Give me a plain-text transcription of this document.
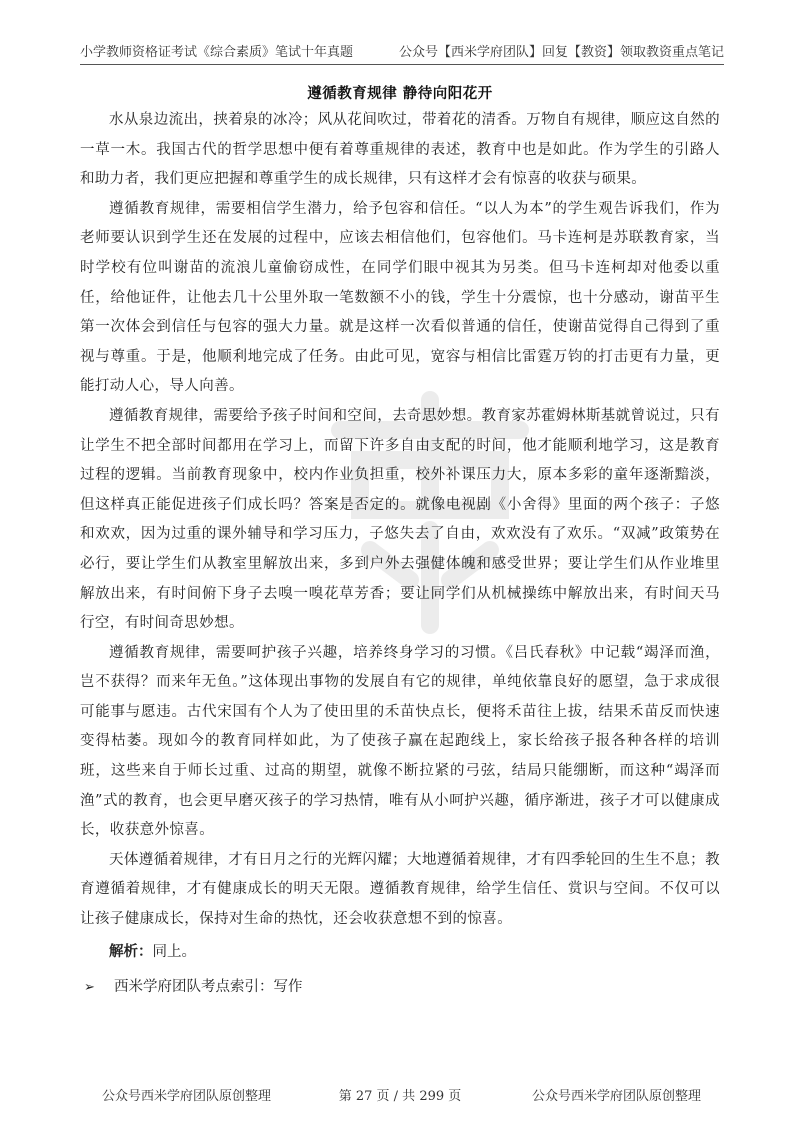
小学教师资格证考试《综合素质》笔试十年真题	公众号【西米学府团队】回复【教资】领取教资重点笔记
遵循教育规律 静待向阳花开

水从泉边流出，挟着泉的冰冷；风从花间吹过，带着花的清香。万物自有规律，顺应这自然的一草一木。我国古代的哲学思想中便有着尊重规律的表述，教育中也是如此。作为学生的引路人和助力者，我们更应把握和尊重学生的成长规律，只有这样才会有惊喜的收获与硕果。

遵循教育规律，需要相信学生潜力，给予包容和信任。“以人为本”的学生观告诉我们，作为老师要认识到学生还在发展的过程中，应该去相信他们，包容他们。马卡连柯是苏联教育家，当时学校有位叫谢苗的流浪儿童偷窃成性，在同学们眼中视其为另类。但马卡连柯却对他委以重任，给他证件，让他去几十公里外取一笔数额不小的钱，学生十分震惊，也十分感动，谢苗平生第一次体会到信任与包容的强大力量。就是这样一次看似普通的信任，使谢苗觉得自己得到了重视与尊重。于是，他顺利地完成了任务。由此可见，宽容与相信比雷霆万钧的打击更有力量，更能打动人心，导人向善。

遵循教育规律，需要给予孩子时间和空间，去奇思妙想。教育家苏霍姆林斯基就曾说过，只有让学生不把全部时间都用在学习上，而留下许多自由支配的时间，他才能顺利地学习，这是教育过程的逻辑。当前教育现象中，校内作业负担重，校外补课压力大，原本多彩的童年逐渐黯淡，但这样真正能促进孩子们成长吗？答案是否定的。就像电视剧《小舍得》里面的两个孩子：子悠和欢欢，因为过重的课外辅导和学习压力，子悠失去了自由，欢欢没有了欢乐。“双减”政策势在必行，要让学生们从教室里解放出来，多到户外去强健体魄和感受世界；要让学生们从作业堆里解放出来，有时间俯下身子去嗅一嗅花草芳香；要让同学们从机械操练中解放出来，有时间天马行空，有时间奇思妙想。

遵循教育规律，需要呵护孩子兴趣，培养终身学习的习惯。《吕氏春秋》中记载“竭泽而渔，岂不获得？而来年无鱼。”这体现出事物的发展自有它的规律，单纯依靠良好的愿望，急于求成很可能事与愿违。古代宋国有个人为了使田里的禾苗快点长，便将禾苗往上拔，结果禾苗反而快速变得枯萎。现如今的教育同样如此，为了使孩子赢在起跑线上，家长给孩子报各种各样的培训班，这些来自于师长过重、过高的期望，就像不断拉紧的弓弦，结局只能绷断，而这种“竭泽而渔”式的教育，也会更早磨灭孩子的学习热情，唯有从小呵护兴趣，循序渐进，孩子才可以健康成长，收获意外惊喜。

天体遵循着规律，才有日月之行的光辉闪耀；大地遵循着规律，才有四季轮回的生生不息；教育遵循着规律，才有健康成长的明天无限。遵循教育规律，给学生信任、赏识与空间。不仅可以让孩子健康成长，保持对生命的热忱，还会收获意想不到的惊喜。

解析：同上。

➢ 西米学府团队考点索引：写作

公众号西米学府团队原创整理	第 27 页 / 共 299 页	公众号西米学府团队原创整理
